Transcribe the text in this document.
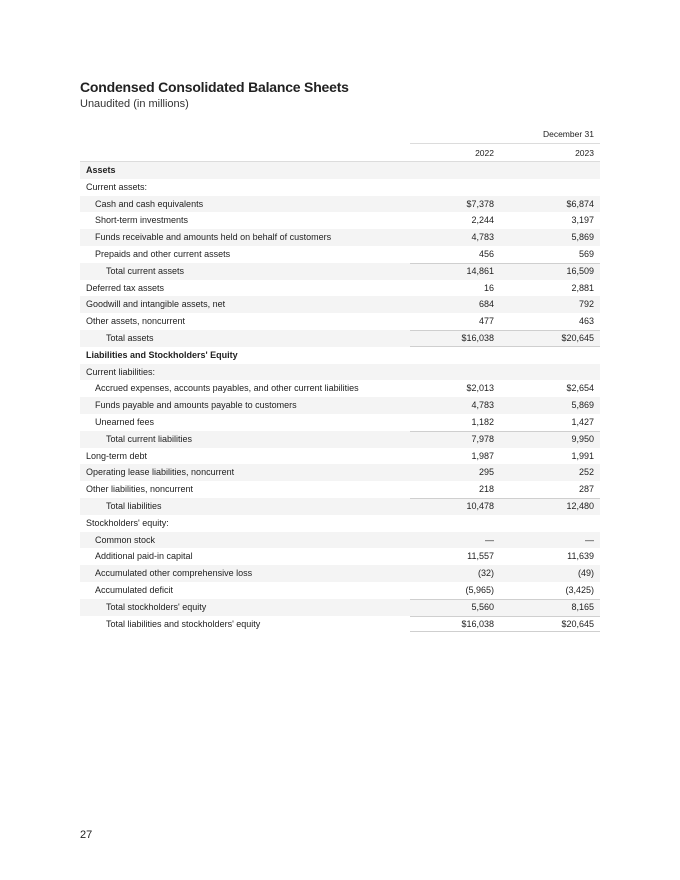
Condensed Consolidated Balance Sheets
Unaudited (in millions)
December 31
2022	2023
Assets
Current assets:
Cash and cash equivalents	$7,378	$6,874
Short-term investments	2,244	3,197
Funds receivable and amounts held on behalf of customers	4,783	5,869
Prepaids and other current assets	456	569
Total current assets	14,861	16,509
Deferred tax assets	16	2,881
Goodwill and intangible assets, net	684	792
Other assets, noncurrent	477	463
Total assets	$16,038	$20,645
Liabilities and Stockholders' Equity
Current liabilities:
Accrued expenses, accounts payables, and other current liabilities	$2,013	$2,654
Funds payable and amounts payable to customers	4,783	5,869
Unearned fees	1,182	1,427
Total current liabilities	7,978	9,950
Long-term debt	1,987	1,991
Operating lease liabilities, noncurrent	295	252
Other liabilities, noncurrent	218	287
Total liabilities	10,478	12,480
Stockholders' equity:
Common stock	—	—
Additional paid-in capital	11,557	11,639
Accumulated other comprehensive loss	(32)	(49)
Accumulated deficit	(5,965)	(3,425)
Total stockholders' equity	5,560	8,165
Total liabilities and stockholders' equity	$16,038	$20,645
27
